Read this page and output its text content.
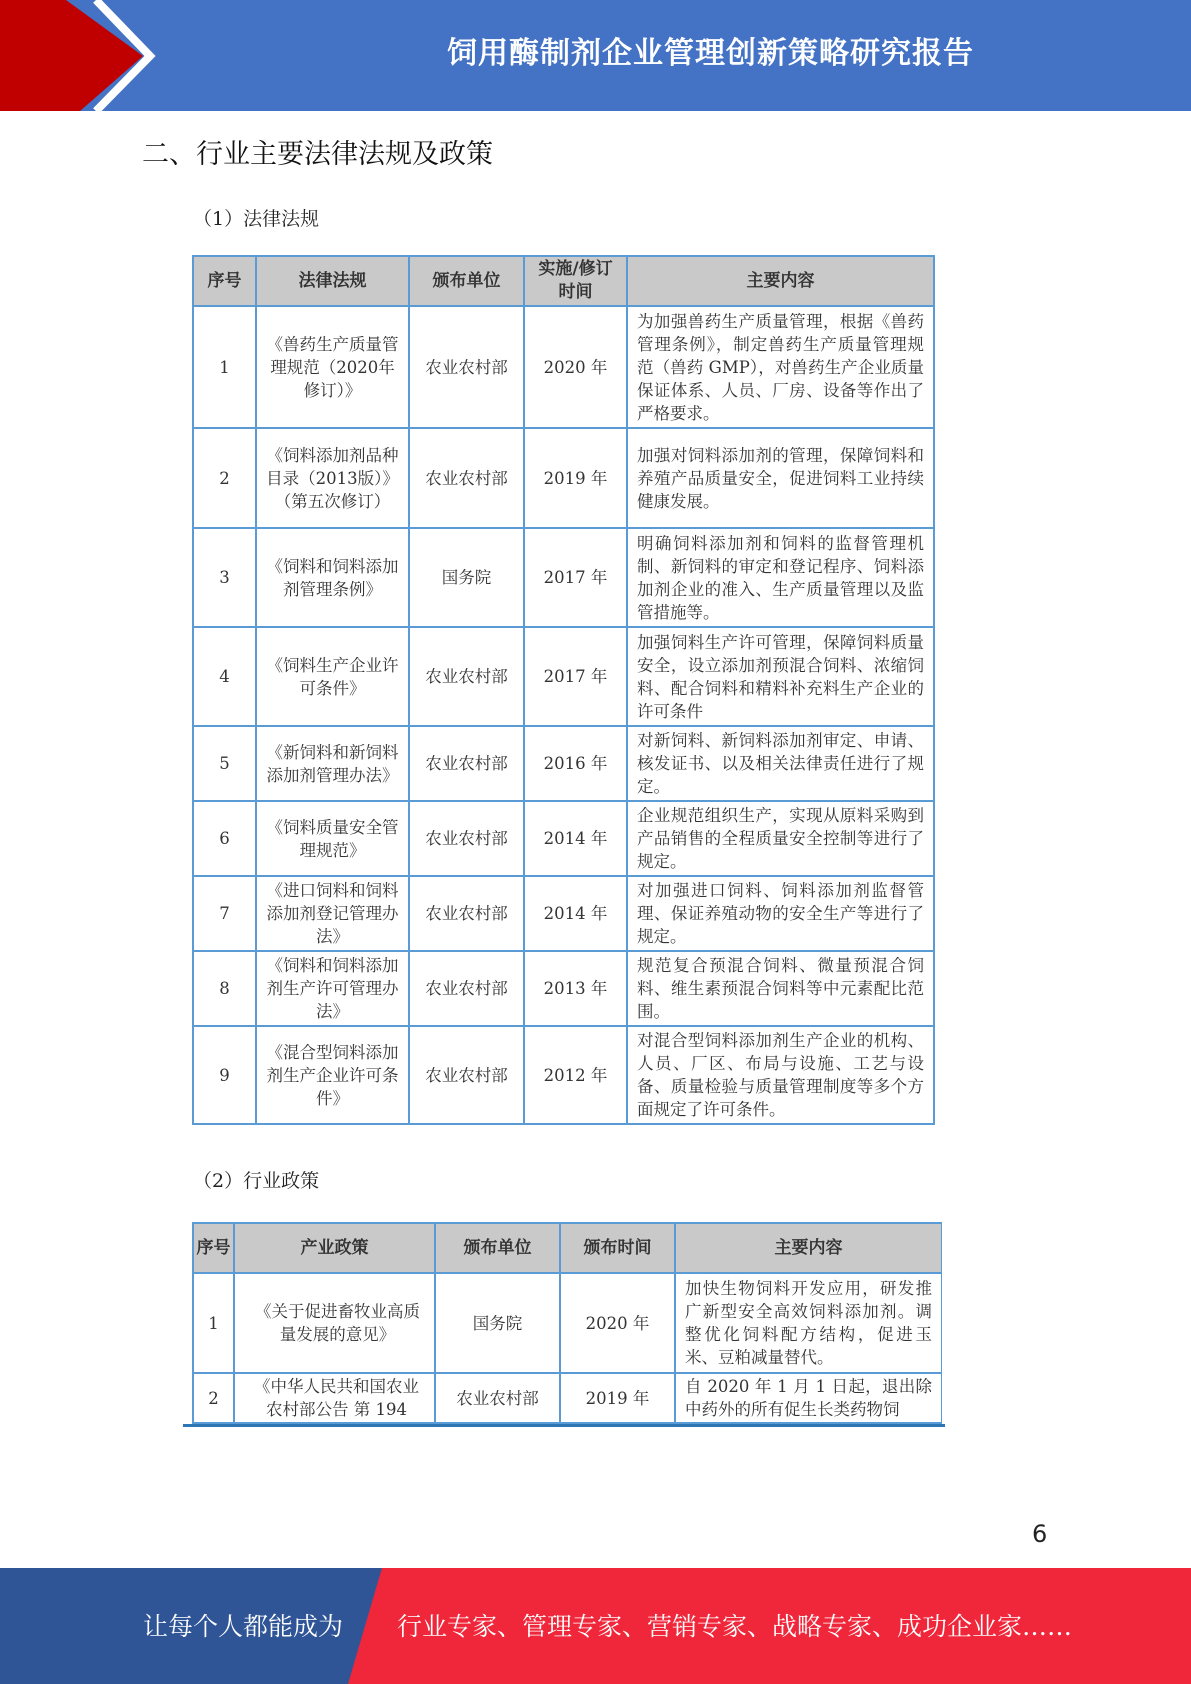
饲用酶制剂企业管理创新策略研究报告
二、行业主要法律法规及政策
（1）法律法规
序号	法律法规	颁布单位	实施/修订时间	主要内容
1	《兽药生产质量管理规范（2020年修订）》	农业农村部	2020 年	为加强兽药生产质量管理，根据《兽药管理条例》，制定兽药生产质量管理规范（兽药 GMP），对兽药生产企业质量保证体系、人员、厂房、设备等作出了严格要求。
2	《饲料添加剂品种目录（2013版）》（第五次修订）	农业农村部	2019 年	加强对饲料添加剂的管理，保障饲料和养殖产品质量安全，促进饲料工业持续健康发展。
3	《饲料和饲料添加剂管理条例》	国务院	2017 年	明确饲料添加剂和饲料的监督管理机制、新饲料的审定和登记程序、饲料添加剂企业的准入、生产质量管理以及监管措施等。
4	《饲料生产企业许可条件》	农业农村部	2017 年	加强饲料生产许可管理，保障饲料质量安全，设立添加剂预混合饲料、浓缩饲料、配合饲料和精料补充料生产企业的许可条件
5	《新饲料和新饲料添加剂管理办法》	农业农村部	2016 年	对新饲料、新饲料添加剂审定、申请、核发证书、以及相关法律责任进行了规定。
6	《饲料质量安全管理规范》	农业农村部	2014 年	企业规范组织生产，实现从原料采购到产品销售的全程质量安全控制等进行了规定。
7	《进口饲料和饲料添加剂登记管理办法》	农业农村部	2014 年	对加强进口饲料、饲料添加剂监督管理、保证养殖动物的安全生产等进行了规定。
8	《饲料和饲料添加剂生产许可管理办法》	农业农村部	2013 年	规范复合预混合饲料、微量预混合饲料、维生素预混合饲料等中元素配比范围。
9	《混合型饲料添加剂生产企业许可条件》	农业农村部	2012 年	对混合型饲料添加剂生产企业的机构、人员、厂区、布局与设施、工艺与设备、质量检验与质量管理制度等多个方面规定了许可条件。
（2）行业政策
序号	产业政策	颁布单位	颁布时间	主要内容
1	《关于促进畜牧业高质量发展的意见》	国务院	2020 年	加快生物饲料开发应用，研发推广新型安全高效饲料添加剂。调整优化饲料配方结构，促进玉米、豆粕减量替代。
2	《中华人民共和国农业农村部公告 第 194	农业农村部	2019 年	自 2020 年 1 月 1 日起，退出除中药外的所有促生长类药物饲
6
让每个人都能成为 行业专家、管理专家、营销专家、战略专家、成功企业家……
